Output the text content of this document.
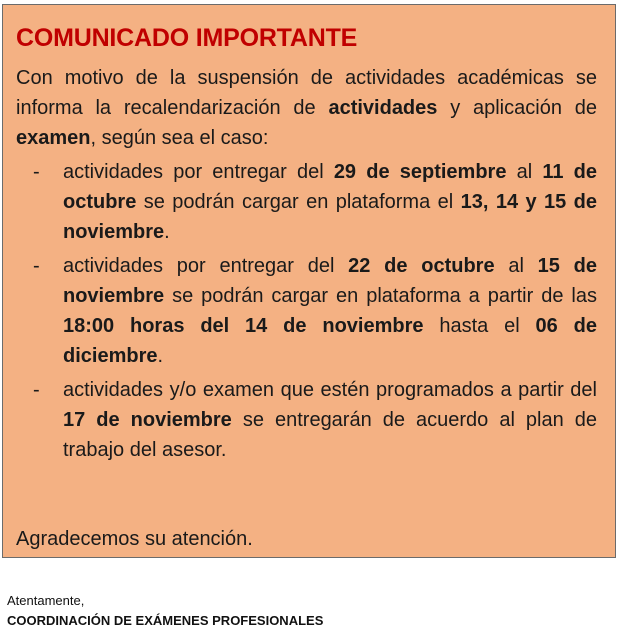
COMUNICADO IMPORTANTE

Con motivo de la suspensión de actividades académicas se informa la recalendarización de actividades y aplicación de examen, según sea el caso:

- actividades por entregar del 29 de septiembre al 11 de octubre se podrán cargar en plataforma el 13, 14 y 15 de noviembre.
- actividades por entregar del 22 de octubre al 15 de noviembre se podrán cargar en plataforma a partir de las 18:00 horas del 14 de noviembre hasta el 06 de diciembre.
- actividades y/o examen que estén programados a partir del 17 de noviembre se entregarán de acuerdo al plan de trabajo del asesor.

Agradecemos su atención.

Atentamente,
COORDINACIÓN DE EXÁMENES PROFESIONALES
